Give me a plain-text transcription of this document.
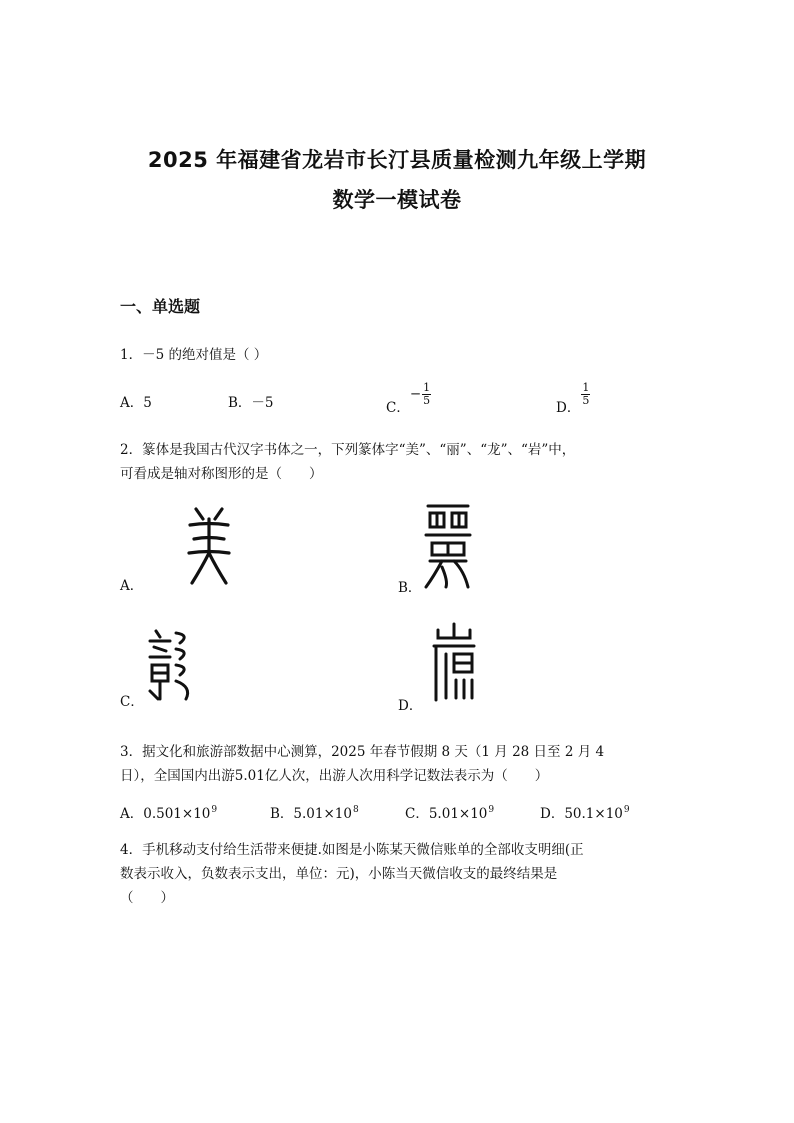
2025 年福建省龙岩市长汀县质量检测九年级上学期
数学一模试卷
一、单选题
1．－5 的绝对值是（ ）
A．5	B．－5	C．− $\frac{1}{5}$
D．
$\frac{1}{5}$
2．篆体是我国古代汉字书体之一，下列篆体字“美”、“丽”、“龙”、“岩”中，
可看成是轴对称图形的是（　　）
A．	B．
C．	D．
3．据文化和旅游部数据中心测算，2025 年春节假期 8 天（1 月 28 日至 2 月 4
日），全国国内出游5.01亿人次，出游人次用科学记数法表示为（　　）
A．$0.501\times 10^9$	B．$5.01\times 10^8$	C．$5.01\times 10^9$	D．$50.1\times 10^9$
4．手机移动支付给生活带来便捷.如图是小陈某天微信账单的全部收支明细(正
数表示收入，负数表示支出，单位：元)，小陈当天微信收支的最终结果是
（　　）
